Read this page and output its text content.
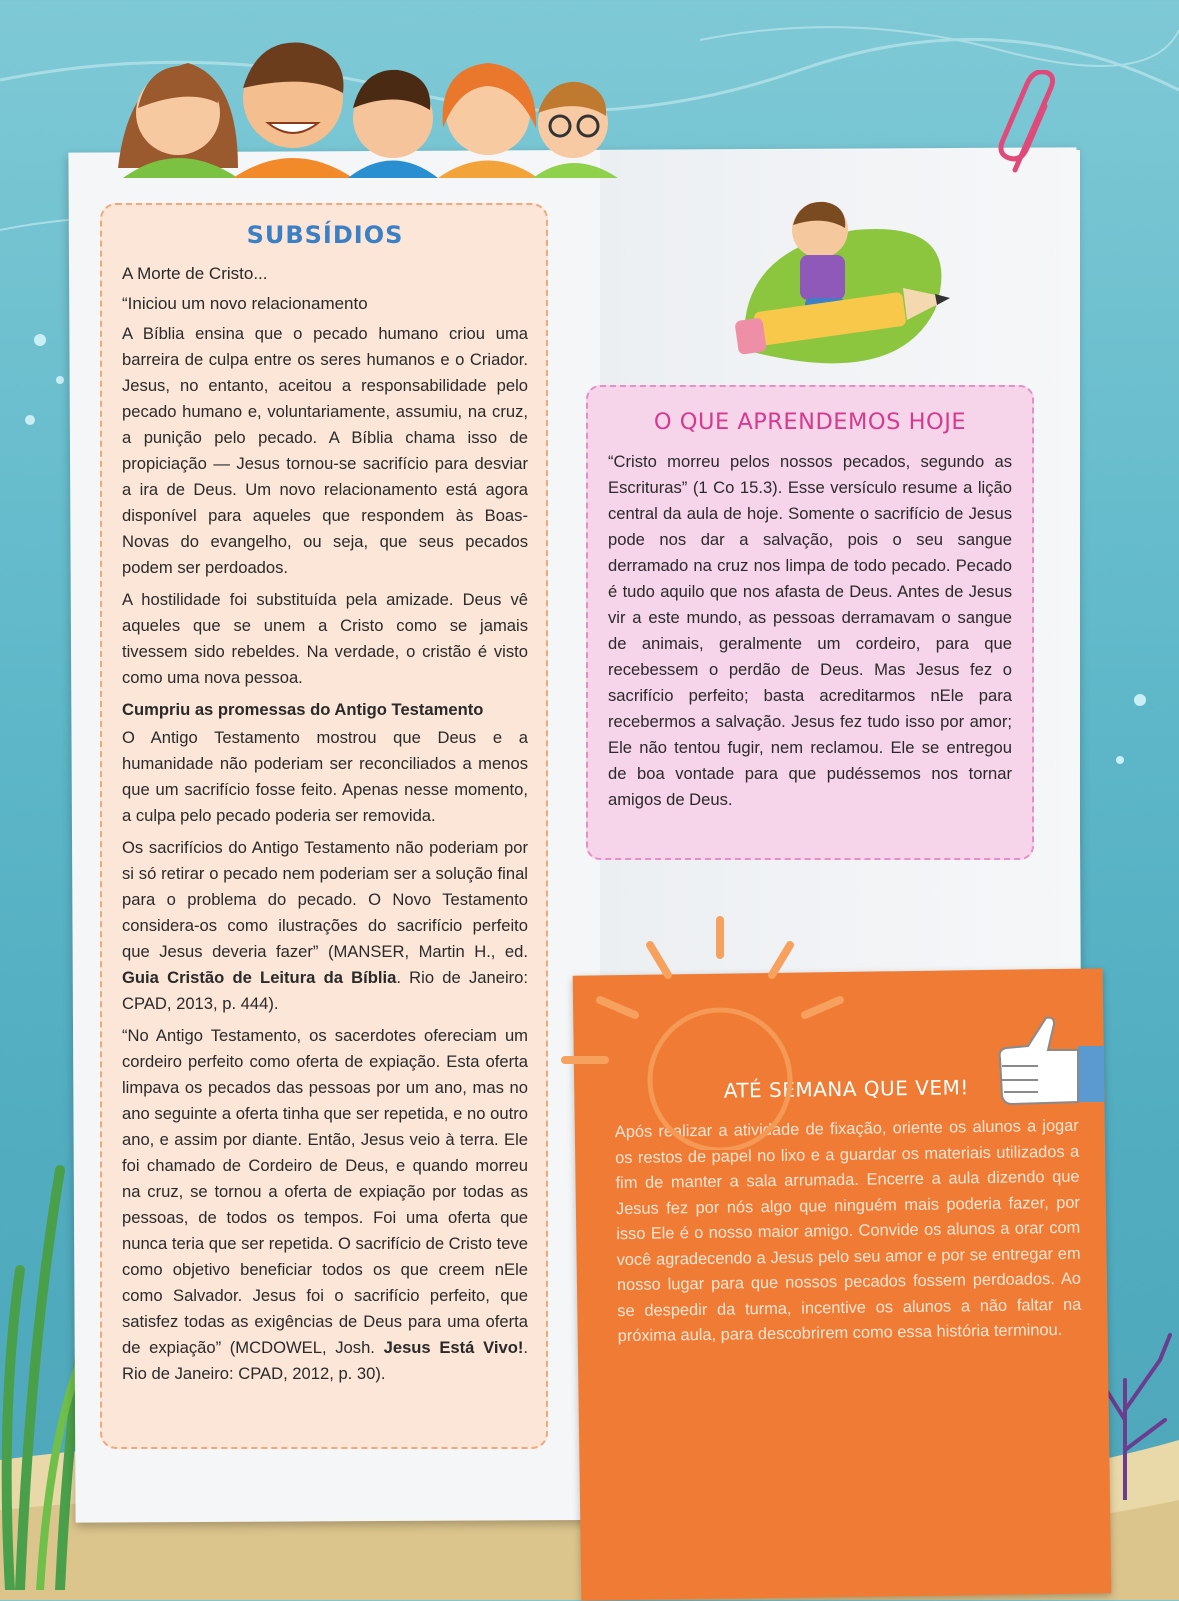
SUBSÍDIOS

A Morte de Cristo...

“Iniciou um novo relacionamento

A Bíblia ensina que o pecado humano criou uma barreira de culpa entre os seres humanos e o Criador. Jesus, no entanto, aceitou a responsabilidade pelo pecado humano e, voluntariamente, assumiu, na cruz, a punição pelo pecado. A Bíblia chama isso de propiciação — Jesus tornou-se sacrifício para desviar a ira de Deus. Um novo relacionamento está agora disponível para aqueles que respondem às Boas-Novas do evangelho, ou seja, que seus pecados podem ser perdoados.

A hostilidade foi substituída pela amizade. Deus vê aqueles que se unem a Cristo como se jamais tivessem sido rebeldes. Na verdade, o cristão é visto como uma nova pessoa.

Cumpriu as promessas do Antigo Testamento

O Antigo Testamento mostrou que Deus e a humanidade não poderiam ser reconciliados a menos que um sacrifício fosse feito. Apenas nesse momento, a culpa pelo pecado poderia ser removida.

Os sacrifícios do Antigo Testamento não poderiam por si só retirar o pecado nem poderiam ser a solução final para o problema do pecado. O Novo Testamento considera-os como ilustrações do sacrifício perfeito que Jesus deveria fazer” (MANSER, Martin H., ed. Guia Cristão de Leitura da Bíblia. Rio de Janeiro: CPAD, 2013, p. 444).

“No Antigo Testamento, os sacerdotes ofereciam um cordeiro perfeito como oferta de expiação. Esta oferta limpava os pecados das pessoas por um ano, mas no ano seguinte a oferta tinha que ser repetida, e no outro ano, e assim por diante. Então, Jesus veio à terra. Ele foi chamado de Cordeiro de Deus, e quando morreu na cruz, se tornou a oferta de expiação por todas as pessoas, de todos os tempos. Foi uma oferta que nunca teria que ser repetida. O sacrifício de Cristo teve como objetivo beneficiar todos os que creem nEle como Salvador. Jesus foi o sacrifício perfeito, que satisfez todas as exigências de Deus para uma oferta de expiação” (MCDOWEL, Josh. Jesus Está Vivo!. Rio de Janeiro: CPAD, 2012, p. 30).

O QUE APRENDEMOS HOJE

“Cristo morreu pelos nossos pecados, segundo as Escrituras” (1 Co 15.3). Esse versículo resume a lição central da aula de hoje. Somente o sacrifício de Jesus pode nos dar a salvação, pois o seu sangue derramado na cruz nos limpa de todo pecado. Pecado é tudo aquilo que nos afasta de Deus. Antes de Jesus vir a este mundo, as pessoas derramavam o sangue de animais, geralmente um cordeiro, para que recebessem o perdão de Deus. Mas Jesus fez o sacrifício perfeito; basta acreditarmos nEle para recebermos a salvação. Jesus fez tudo isso por amor; Ele não tentou fugir, nem reclamou. Ele se entregou de boa vontade para que pudéssemos nos tornar amigos de Deus.

ATÉ SEMANA QUE VEM!

Após realizar a atividade de fixação, oriente os alunos a jogar os restos de papel no lixo e a guardar os materiais utilizados a fim de manter a sala arrumada. Encerre a aula dizendo que Jesus fez por nós algo que ninguém mais poderia fazer, por isso Ele é o nosso maior amigo. Convide os alunos a orar com você agradecendo a Jesus pelo seu amor e por se entregar em nosso lugar para que nossos pecados fossem perdoados. Ao se despedir da turma, incentive os alunos a não faltar na próxima aula, para descobrirem como essa história terminou.
